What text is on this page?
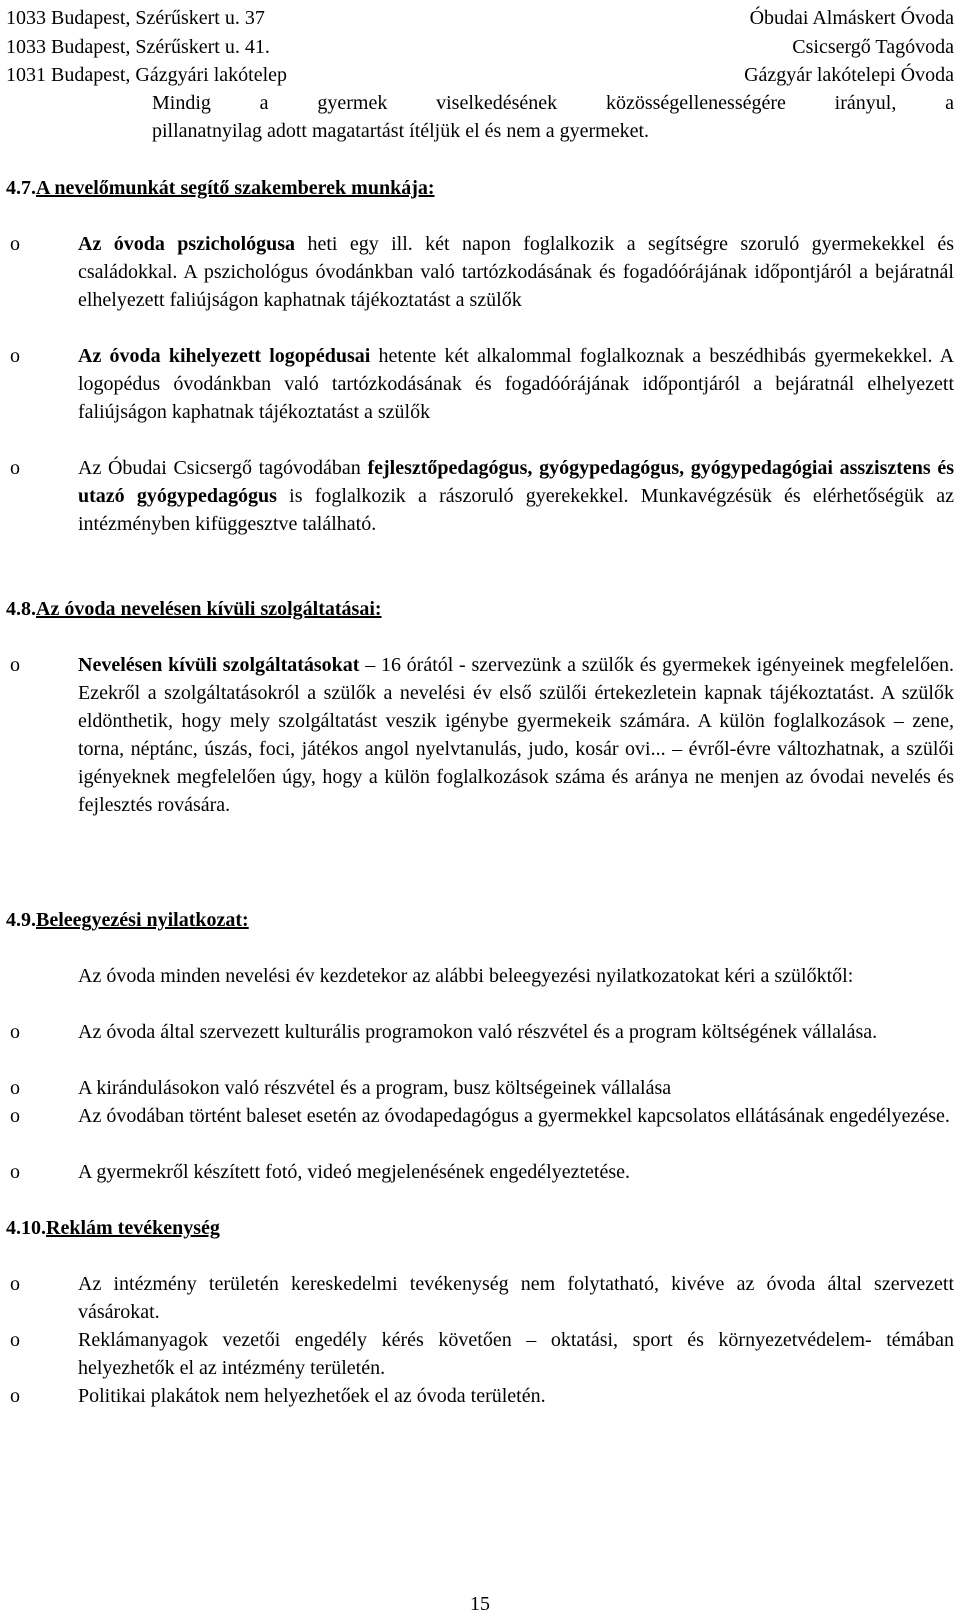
1033 Budapest, Szérűskert u. 37	Óbudai Almáskert Óvoda
1033 Budapest, Szérűskert u. 41.	Csicsergő Tagóvoda
1031 Budapest, Gázgyári lakótelep	Gázgyár lakótelepi Óvoda
Mindig a gyermek viselkedésének közösségellenességére irányul, a
pillanatnyilag adott magatartást ítéljük el és nem a gyermeket.
4.7.A nevelőmunkát segítő szakemberek munkája:
o	Az óvoda pszichológusa heti egy ill. két napon foglalkozik a segítségre szoruló gyermekekkel és családokkal. A pszichológus óvodánkban való tartózkodásának és fogadóórájának időpontjáról a bejáratnál elhelyezett faliújságon kaphatnak tájékoztatást a szülők

o	Az óvoda kihelyezett logopédusai hetente két alkalommal foglalkoznak a beszédhibás gyermekekkel. A logopédus óvodánkban való tartózkodásának és fogadóórájának időpontjáról a bejáratnál elhelyezett faliújságon kaphatnak tájékoztatást a szülők

o	Az Óbudai Csicsergő tagóvodában fejlesztőpedagógus, gyógypedagógus, gyógypedagógiai asszisztens és utazó gyógypedagógus is foglalkozik a rászoruló gyerekekkel. Munkavégzésük és elérhetőségük az intézményben kifüggesztve található.

4.8.Az óvoda nevelésen kívüli szolgáltatásai:
o	Nevelésen kívüli szolgáltatásokat – 16 órától - szervezünk a szülők és gyermekek igényeinek megfelelően. Ezekről a szolgáltatásokról a szülők a nevelési év első szülői értekezletein kapnak tájékoztatást. A szülők eldönthetik, hogy mely szolgáltatást veszik igénybe gyermekeik számára. A külön foglalkozások – zene, torna, néptánc, úszás, foci, játékos angol nyelvtanulás, judo, kosár ovi... – évről-évre változhatnak, a szülői igényeknek megfelelően úgy, hogy a külön foglalkozások száma és aránya ne menjen az óvodai nevelés és fejlesztés rovására.

4.9.Beleegyezési nyilatkozat:
Az óvoda minden nevelési év kezdetekor az alábbi beleegyezési nyilatkozatokat kéri a szülőktől:
o	Az óvoda által szervezett kulturális programokon való részvétel és a program költségének vállalása.

o	A kirándulásokon való részvétel és a program, busz költségeinek vállalása

o	Az óvodában történt baleset esetén az óvodapedagógus a gyermekkel kapcsolatos ellátásának engedélyezése.

o	A gyermekről készített fotó, videó megjelenésének engedélyeztetése.

4.10.Reklám tevékenység
o	Az intézmény területén kereskedelmi tevékenység nem folytatható, kivéve az óvoda által szervezett vásárokat.

o	Reklámanyagok vezetői engedély kérés követően – oktatási, sport és környezetvédelem- témában helyezhetők el az intézmény területén.

o	Politikai plakátok nem helyezhetőek el az óvoda területén.

15
